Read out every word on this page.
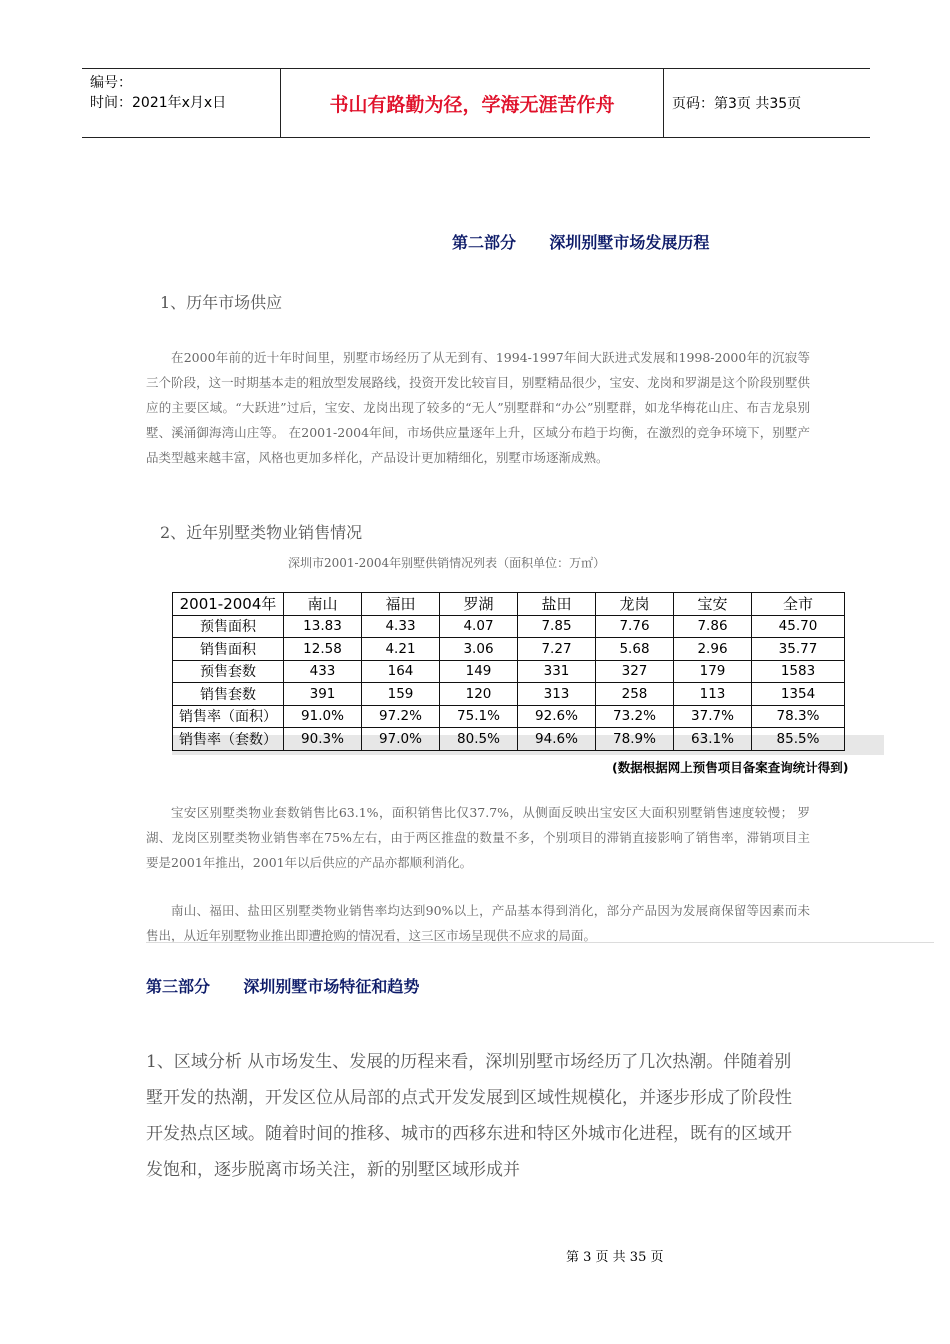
编号：
时间：2021年x月x日	书山有路勤为径，学海无涯苦作舟	页码：第3页 共35页
第二部分      深圳别墅市场发展历程
1、历年市场供应
在2000年前的近十年时间里，别墅市场经历了从无到有、1994-1997年间大跃进式发展和1998-2000年的沉寂等三个阶段，这一时期基本走的粗放型发展路线，投资开发比较盲目，别墅精品很少，宝安、龙岗和罗湖是这个阶段别墅供应的主要区域。“大跃进”过后，宝安、龙岗出现了较多的“无人”别墅群和“办公”别墅群，如龙华梅花山庄、布吉龙泉别墅、溪涌御海湾山庄等。 在2001-2004年间，市场供应量逐年上升，区域分布趋于均衡，在激烈的竞争环境下，别墅产品类型越来越丰富，风格也更加多样化，产品设计更加精细化，别墅市场逐渐成熟。
2、近年别墅类物业销售情况
深圳市2001-2004年别墅供销情况列表（面积单位：万㎡）
2001-2004年	南山	福田	罗湖	盐田	龙岗	宝安	全市
预售面积	13.83	4.33	4.07	7.85	7.76	7.86	45.70
销售面积	12.58	4.21	3.06	7.27	5.68	2.96	35.77
预售套数	433	164	149	331	327	179	1583
销售套数	391	159	120	313	258	113	1354
销售率（面积）	91.0%	97.2%	75.1%	92.6%	73.2%	37.7%	78.3%
销售率（套数）	90.3%	97.0%	80.5%	94.6%	78.9%	63.1%	85.5%
(数据根据网上预售项目备案查询统计得到)
宝安区别墅类物业套数销售比63.1%，面积销售比仅37.7%，从侧面反映出宝安区大面积别墅销售速度较慢； 罗湖、龙岗区别墅类物业销售率在75%左右，由于两区推盘的数量不多，个别项目的滞销直接影响了销售率，滞销项目主要是2001年推出，2001年以后供应的产品亦都顺利消化。
南山、福田、盐田区别墅类物业销售率均达到90%以上，产品基本得到消化，部分产品因为发展商保留等因素而未售出，从近年别墅物业推出即遭抢购的情况看，这三区市场呈现供不应求的局面。
第三部分      深圳别墅市场特征和趋势
1、区域分析 从市场发生、发展的历程来看，深圳别墅市场经历了几次热潮。伴随着别墅开发的热潮，开发区位从局部的点式开发发展到区域性规模化，并逐步形成了阶段性开发热点区域。随着时间的推移、城市的西移东进和特区外城市化进程，既有的区域开发饱和，逐步脱离市场关注，新的别墅区域形成并
第 3 页 共 35 页
